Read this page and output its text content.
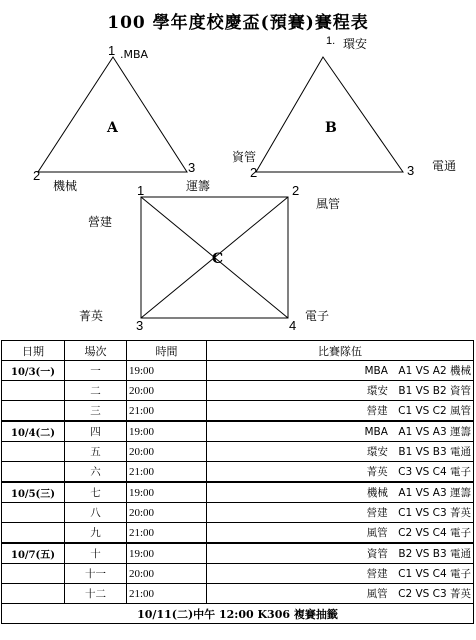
100 學年度校慶盃(預賽)賽程表
1 .MBA
A
2
機械
3
運籌
1. 環安
B
資管
2	3 電通
1
營建
2
風管
C
菁英
3	4
電子
日期	場次	時間	比賽隊伍
10/3(一)	一	19:00	MBA　A1 VS A2 機械
	二	20:00	環安　B1 VS B2 資管
	三	21:00	營建　C1 VS C2 風管
10/4(二)	四	19:00	MBA　A1 VS A3 運籌
	五	20:00	環安　B1 VS B3 電通
	六	21:00	菁英　C3 VS C4 電子
10/5(三)	七	19:00	機械　A1 VS A3 運籌
	八	20:00	營建　C1 VS C3 菁英
	九	21:00	風管　C2 VS C4 電子
10/7(五)	十	19:00	資管　B2 VS B3 電通
	十一	20:00	營建　C1 VS C4 電子
	十二	21:00	風管　C2 VS C3 菁英
10/11(二)中午 12:00 K306 複賽抽籤			
